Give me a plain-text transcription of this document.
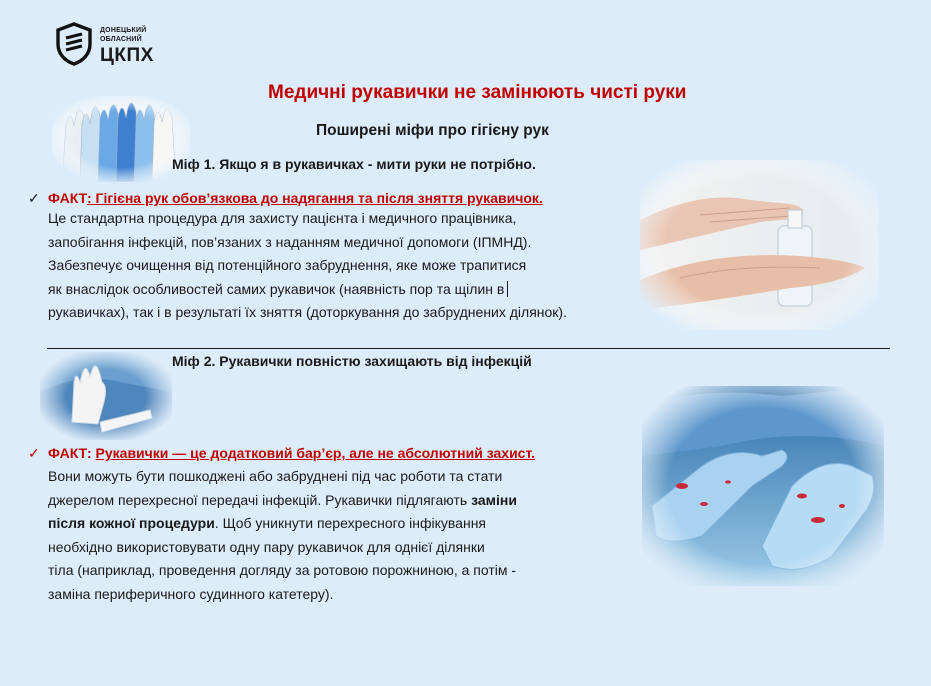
ДОНЕЦЬКИЙ
ОБЛАСНИЙ
ЦКПХ
Медичні рукавички не замінюють чисті руки
Поширені міфи про гігієну рук
Міф 1. Якщо я в рукавичках - мити руки не потрібно.
✓ ФАКТ: Гігієна рук обов’язкова до надягання та після зняття рукавичок.
Це стандартна процедура для захисту пацієнта і медичного працівника,
запобігання інфекцій, пов’язаних з наданням медичної допомоги (ІПМНД).
Забезпечує очищення від потенційного забруднення, яке може трапитися
як внаслідок особливостей самих рукавичок (наявність пор та щілин в
рукавичках), так і в результаті їх зняття (доторкування до забруднених ділянок).
Міф 2. Рукавички повністю захищають від інфекцій
✓ ФАКТ: Рукавички — це додатковий бар’єр, але не абсолютний захист.
Вони можуть бути пошкоджені або забруднені під час роботи та стати
джерелом перехресної передачі інфекцій. Рукавички підлягають заміни
після кожної процедури. Щоб уникнути перехресного інфікування
необхідно використовувати одну пару рукавичок для однієї ділянки
тіла (наприклад, проведення догляду за ротовою порожниною, а потім -
заміна периферичного судинного катетеру).
